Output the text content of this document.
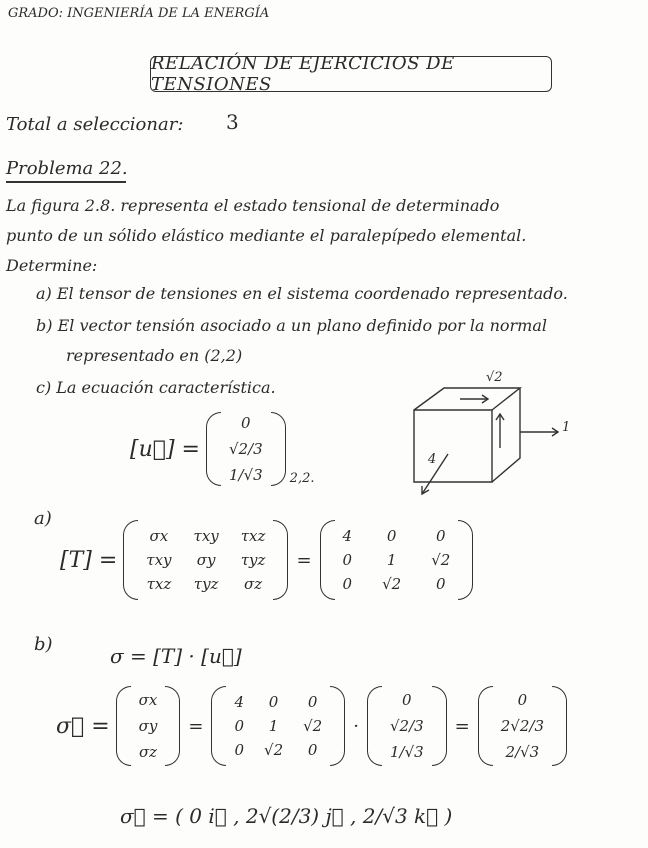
GRADO: INGENIERÍA DE LA ENERGÍA
RELACIÓN DE EJERCICIOS DE TENSIONES
Total a seleccionar: 3
Problema 22.
La figura 2.8. representa el estado tensional de determinado
punto de un sólido elástico mediante el paralepípedo elemental.
Determine:
a) El tensor de tensiones en el sistema coordenado representado.
b) El vector tensión asociado a un plano definido por la normal
representado en (2,2)
c) La ecuación característica.
[u⃗] =
0
√2/3
1/√3 2,2.
√2
1
4
a)
[T] =
σx τxy τxz
τxy σy τyz
τxz τyz σz
=
4	0	0
0	1	√2
0 √2	0
b)	σ = [T] · [u⃗]
σ⃗ =
σx
σy
σz
=
4	0	0
0	1	√2
0 √2	0
·
0
√2/3
1/√3
=
0
2√2/3
2/√3
σ⃗ = ( 0 i⃗ , 2√(2/3) j⃗ , 2/√3 k⃗ )
